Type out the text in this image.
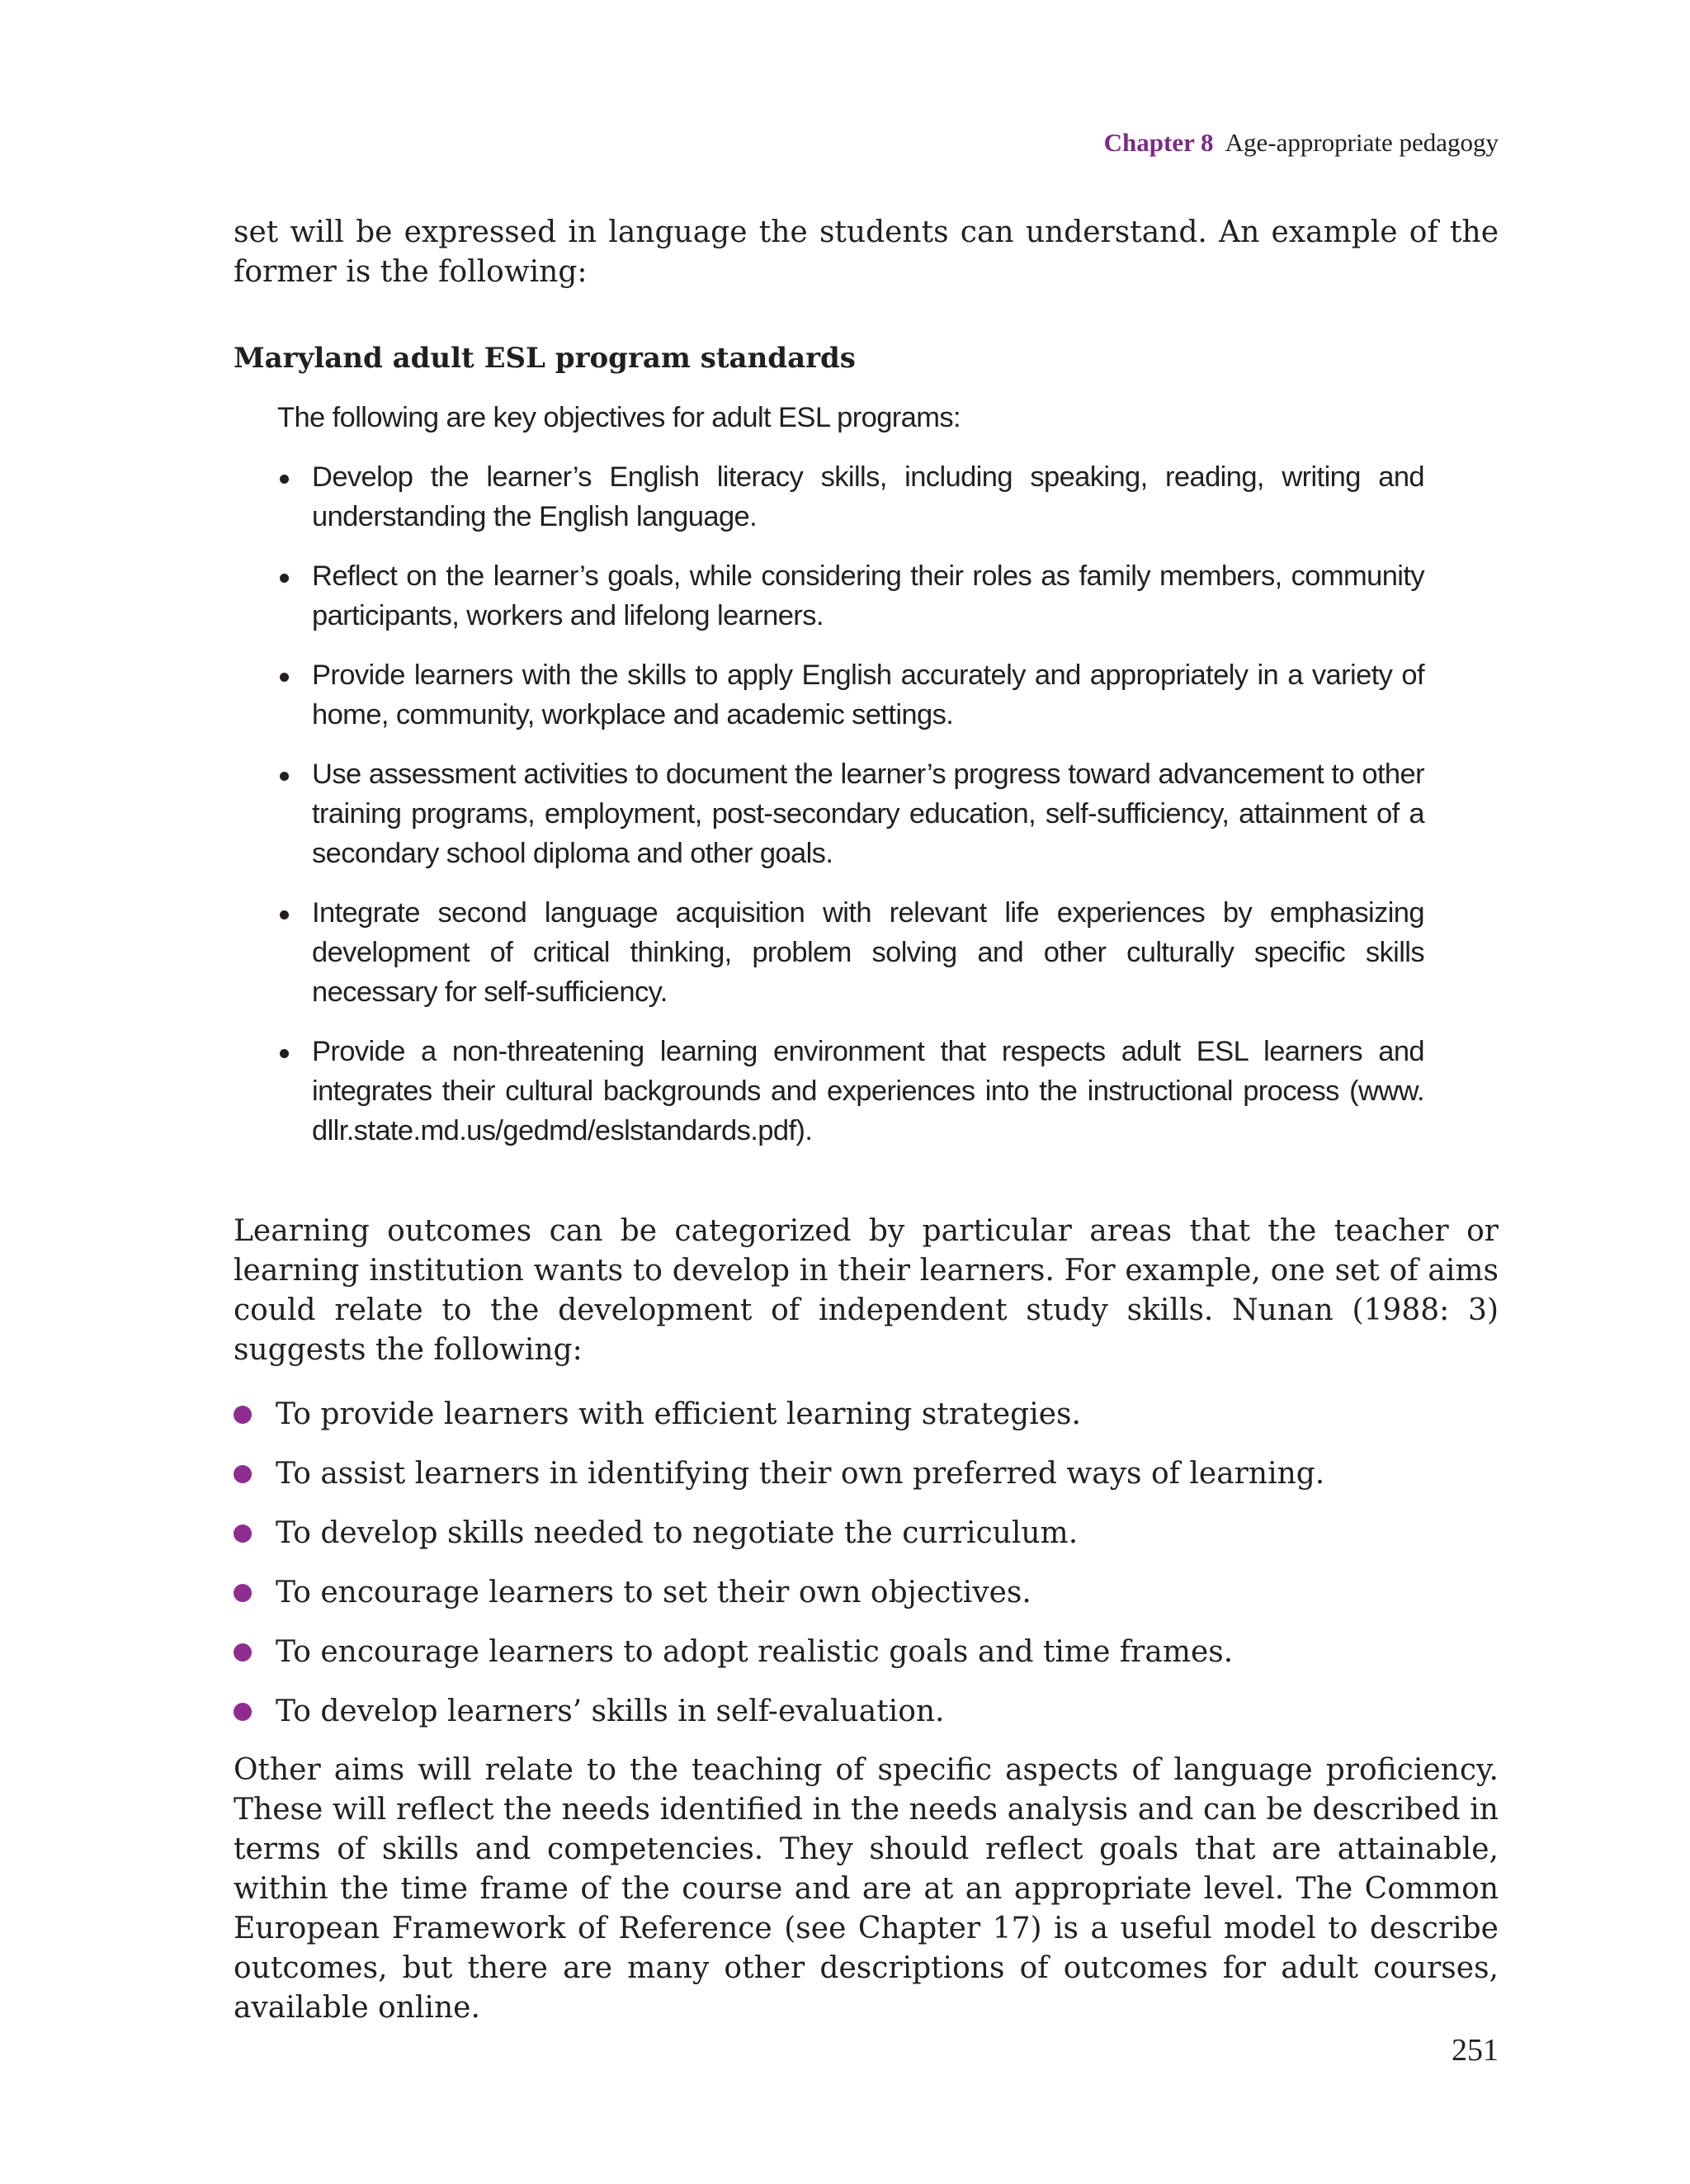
Chapter 8 Age-appropriate pedagogy

set will be expressed in language the students can understand. An example of the former is the following:

Maryland adult ESL program standards

The following are key objectives for adult ESL programs:

Develop the learner’s English literacy skills, including speaking, reading, writing and understanding the English language.
Reflect on the learner’s goals, while considering their roles as family members, community participants, workers and lifelong learners.
Provide learners with the skills to apply English accurately and appropriately in a variety of home, community, workplace and academic settings.
Use assessment activities to document the learner’s progress toward advancement to other training programs, employment, post-secondary education, self-sufficiency, attainment of a secondary school diploma and other goals.
Integrate second language acquisition with relevant life experiences by emphasizing development of critical thinking, problem solving and other culturally specific skills necessary for self-sufficiency.
Provide a non-threatening learning environment that respects adult ESL learners and integrates their cultural backgrounds and experiences into the instructional process (www. dllr.state.md.us/gedmd/eslstandards.pdf).

Learning outcomes can be categorized by particular areas that the teacher or learning institution wants to develop in their learners. For example, one set of aims could relate to the development of independent study skills. Nunan (1988: 3) suggests the following:

To provide learners with efficient learning strategies.
To assist learners in identifying their own preferred ways of learning.
To develop skills needed to negotiate the curriculum.
To encourage learners to set their own objectives.
To encourage learners to adopt realistic goals and time frames.
To develop learners’ skills in self-evaluation.

Other aims will relate to the teaching of specific aspects of language proficiency. These will reflect the needs identified in the needs analysis and can be described in terms of skills and competencies. They should reflect goals that are attainable, within the time frame of the course and are at an appropriate level. The Common European Framework of Reference (see Chapter 17) is a useful model to describe outcomes, but there are many other descriptions of outcomes for adult courses, available online.

251
